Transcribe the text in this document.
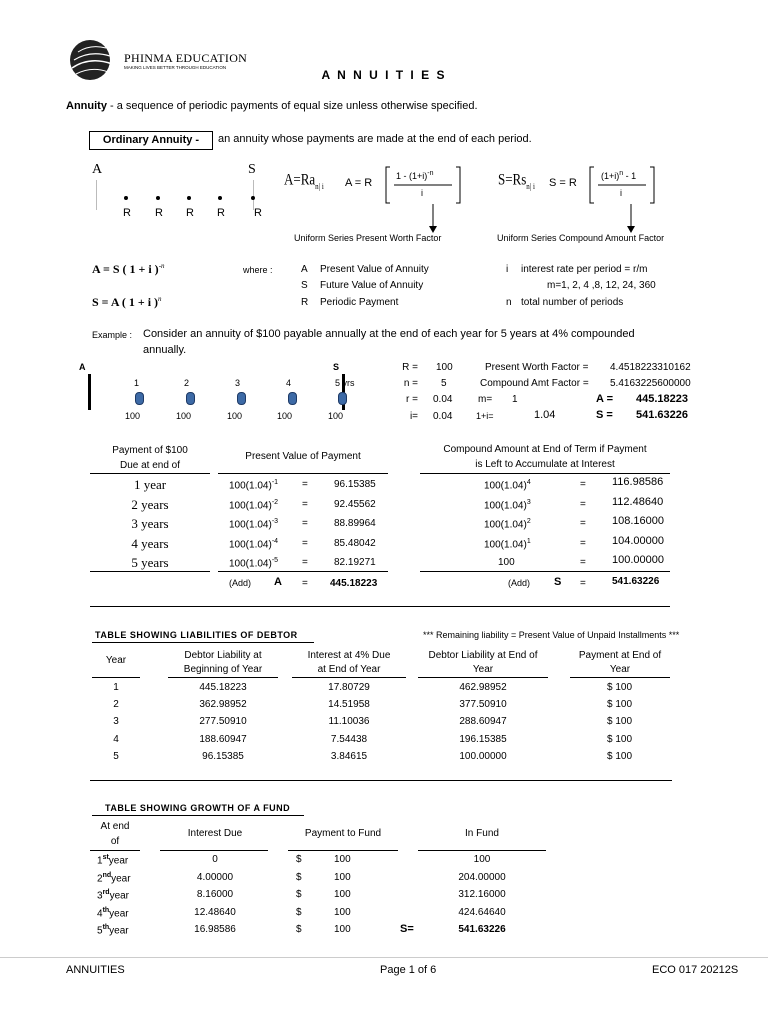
PHINMA EDUCATION
MAKING LIVES BETTER THROUGH EDUCATION
A N N U I T I E S
Annuity - a sequence of periodic payments of equal size unless otherwise specified.
Ordinary Annuity -	an annuity whose payments are made at the end of each period.
A	S
R R R R	R
$A=Ra_{n| i}$ A = R
$1 - (1+i)^{-n}$
i
Uniform Series Present Worth Factor
$S=Rs_{n| i}$ S = R
$(1+i)^n - 1$
i
Uniform Series Compound Amount Factor
A = S ( 1 + i )$^{-n}$
S = A ( 1 + i )$^n$
where :	A Present Value of Annuity
S Future Value of Annuity
R Periodic Payment
i interest rate per period = r/m
m=1, 2, 4 ,8, 12, 24, 360
n total number of periods
Example : Consider an annuity of $100 payable annually at the end of each year for 5 years at 4% compounded
annually.
A	S
1	2	3	4	5 yrs
100	100	100	100	100
R = 100
n = 5
r = 0.04
i= 0.04
m= 1
1+i=	1.04
Present Worth Factor = 4.4518223310162
Compound Amt Factor = 5.4163225600000
A = 445.18223
S = 541.63226
Payment of $100
Due at end of
Present Value of Payment
Compound Amount at End of Term if Payment
is Left to Accumulate at Interest
1 year	$100(1.04)^{-1}$ =	96.15385	$100(1.04)^4$	= 116.98586
2 years	$100(1.04)^{-2}$ =	92.45562	$100(1.04)^3$	= 112.48640
3 years	$100(1.04)^{-3}$ =	88.89964	$100(1.04)^2$	= 108.16000
4 years	$100(1.04)^{-4}$ =	85.48042	$100(1.04)^1$	= 104.00000
5 years	$100(1.04)^{-5}$ =	82.19271	100	= 100.00000
(Add) A = 445.18223	(Add) S =	541.63226
TABLE SHOWING LIABILITIES OF DEBTOR	*** Remaining liability = Present Value of Unpaid Installments ***
Year	Debtor Liability at
Beginning of Year
Interest at 4% Due
at End of Year
Debtor Liability at End of
Year
Payment at End of
Year
1	445.18223	17.80729	462.98952	$ 100
2	362.98952	14.51958	377.50910	$ 100
3	277.50910	11.10036	288.60947	$ 100
4	188.60947	7.54438	196.15385	$ 100
5	96.15385	3.84615	100.00000	$ 100
TABLE SHOWING GROWTH OF A FUND
At end
of
Interest Due	Payment to Fund	In Fund
1styear	0	$	100	100
2ndyear	4.00000	$	100	204.00000
3rdyear	8.16000	$	100	312.16000
4thyear	12.48640	$	100	424.64640
5thyear	16.98586	$	100	541.63226
S=
ANNUITIES	Page 1 of 6	ECO 017 20212S
